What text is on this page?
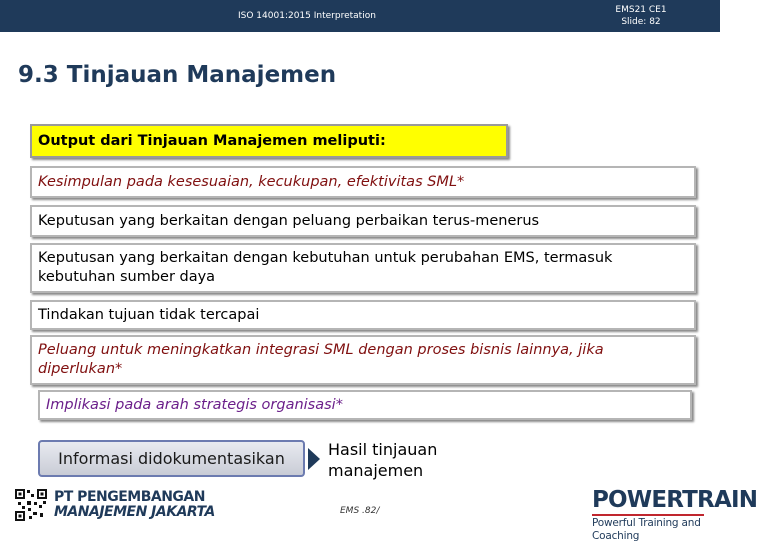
ISO 14001:2015 Interpretation
EMS21 CE1
Slide: 82
9.3 Tinjauan Manajemen
Output dari Tinjauan Manajemen meliputi:
Kesimpulan pada kesesuaian, kecukupan, efektivitas SML*
Keputusan yang berkaitan dengan peluang perbaikan terus-menerus
Keputusan yang berkaitan dengan kebutuhan untuk perubahan EMS, termasuk kebutuhan sumber daya
Tindakan tujuan tidak tercapai
Peluang untuk meningkatkan integrasi SML dengan proses bisnis lainnya, jika diperlukan*
Implikasi pada arah strategis organisasi*
Informasi didokumentasikan	Hasil tinjauan
manajemen
PT PENGEMBANGAN
MANAJEMEN JAKARTA	EMS .82/	POWERTRAIN
Powerful Training and Coaching
